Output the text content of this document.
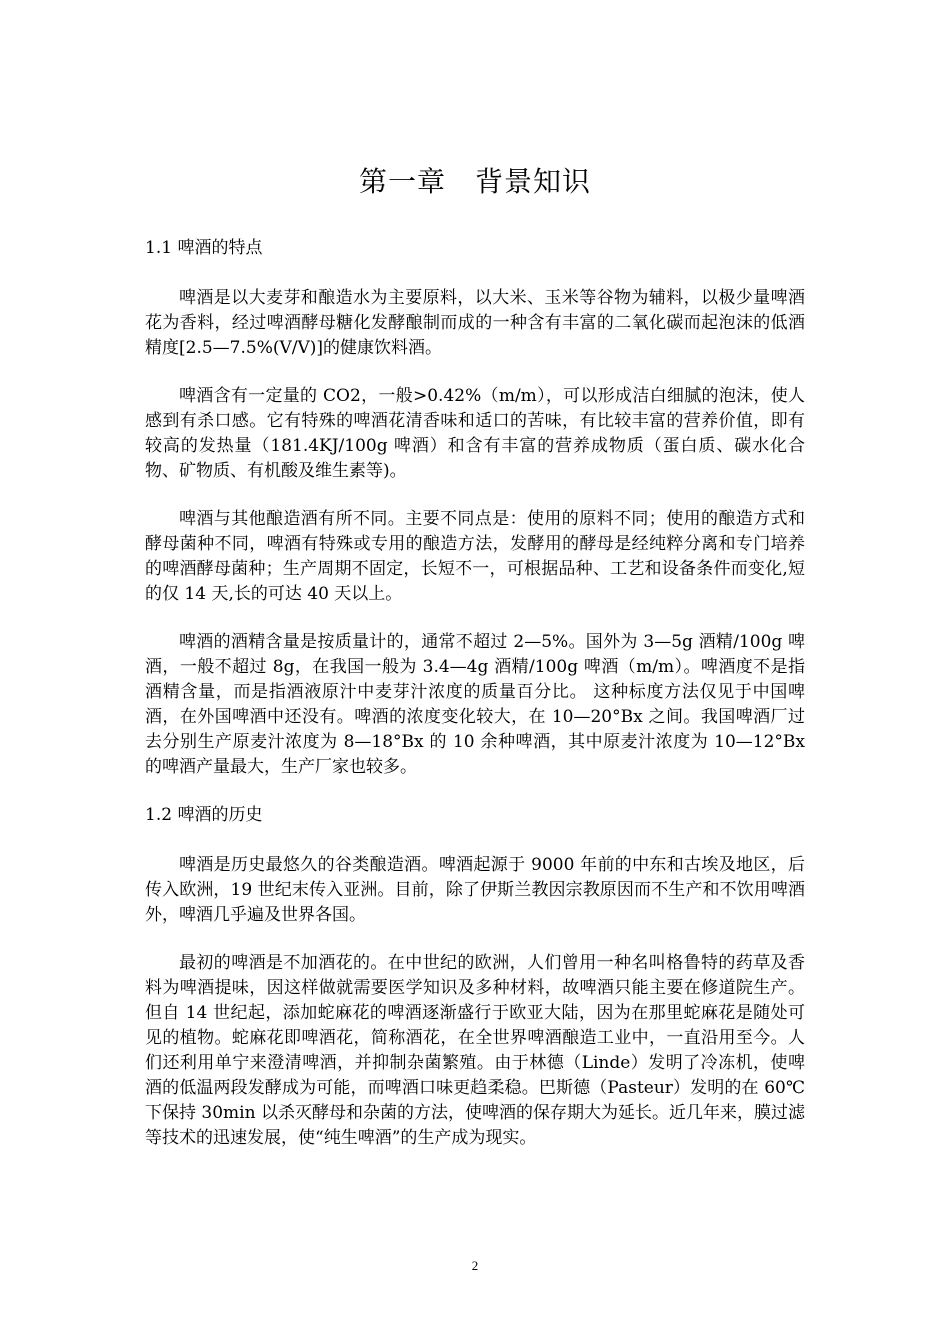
第一章　背景知识
1.1 啤酒的特点

啤酒是以大麦芽和酿造水为主要原料，以大米、玉米等谷物为辅料，以极少量啤酒花为香料，经过啤酒酵母糖化发酵酿制而成的一种含有丰富的二氧化碳而起泡沫的低酒精度[2.5—7.5%(V/V)]的健康饮料酒。

啤酒含有一定量的 CO2，一般>0.42%（m/m），可以形成洁白细腻的泡沫，使人感到有杀口感。它有特殊的啤酒花清香味和适口的苦味，有比较丰富的营养价值，即有较高的发热量（181.4KJ/100g 啤酒）和含有丰富的营养成物质（蛋白质、碳水化合物、矿物质、有机酸及维生素等)。

啤酒与其他酿造酒有所不同。主要不同点是：使用的原料不同；使用的酿造方式和酵母菌种不同，啤酒有特殊或专用的酿造方法，发酵用的酵母是经纯粹分离和专门培养的啤酒酵母菌种；生产周期不固定，长短不一，可根据品种、工艺和设备条件而变化,短的仅 14 天,长的可达 40 天以上。

啤酒的酒精含量是按质量计的，通常不超过 2—5%。国外为 3—5g 酒精/100g 啤酒，一般不超过 8g，在我国一般为 3.4—4g 酒精/100g 啤酒（m/m）。啤酒度不是指酒精含量，而是指酒液原汁中麦芽汁浓度的质量百分比。 这种标度方法仅见于中国啤酒，在外国啤酒中还没有。啤酒的浓度变化较大，在 10—20°Bx 之间。我国啤酒厂过去分别生产原麦汁浓度为 8—18°Bx 的 10 余种啤酒，其中原麦汁浓度为 10—12°Bx 的啤酒产量最大，生产厂家也较多。

1.2 啤酒的历史

啤酒是历史最悠久的谷类酿造酒。啤酒起源于 9000 年前的中东和古埃及地区，后传入欧洲，19 世纪末传入亚洲。目前，除了伊斯兰教因宗教原因而不生产和不饮用啤酒外，啤酒几乎遍及世界各国。

最初的啤酒是不加酒花的。在中世纪的欧洲，人们曾用一种名叫格鲁特的药草及香料为啤酒提味，因这样做就需要医学知识及多种材料，故啤酒只能主要在修道院生产。但自 14 世纪起，添加蛇麻花的啤酒逐渐盛行于欧亚大陆，因为在那里蛇麻花是随处可见的植物。蛇麻花即啤酒花，简称酒花，在全世界啤酒酿造工业中，一直沿用至今。人们还利用单宁来澄清啤酒，并抑制杂菌繁殖。由于林德（Linde）发明了冷冻机，使啤酒的低温两段发酵成为可能，而啤酒口味更趋柔稳。巴斯德（Pasteur）发明的在 60℃下保持 30min 以杀灭酵母和杂菌的方法，使啤酒的保存期大为延长。近几年来，膜过滤等技术的迅速发展，使“纯生啤酒”的生产成为现实。

2
